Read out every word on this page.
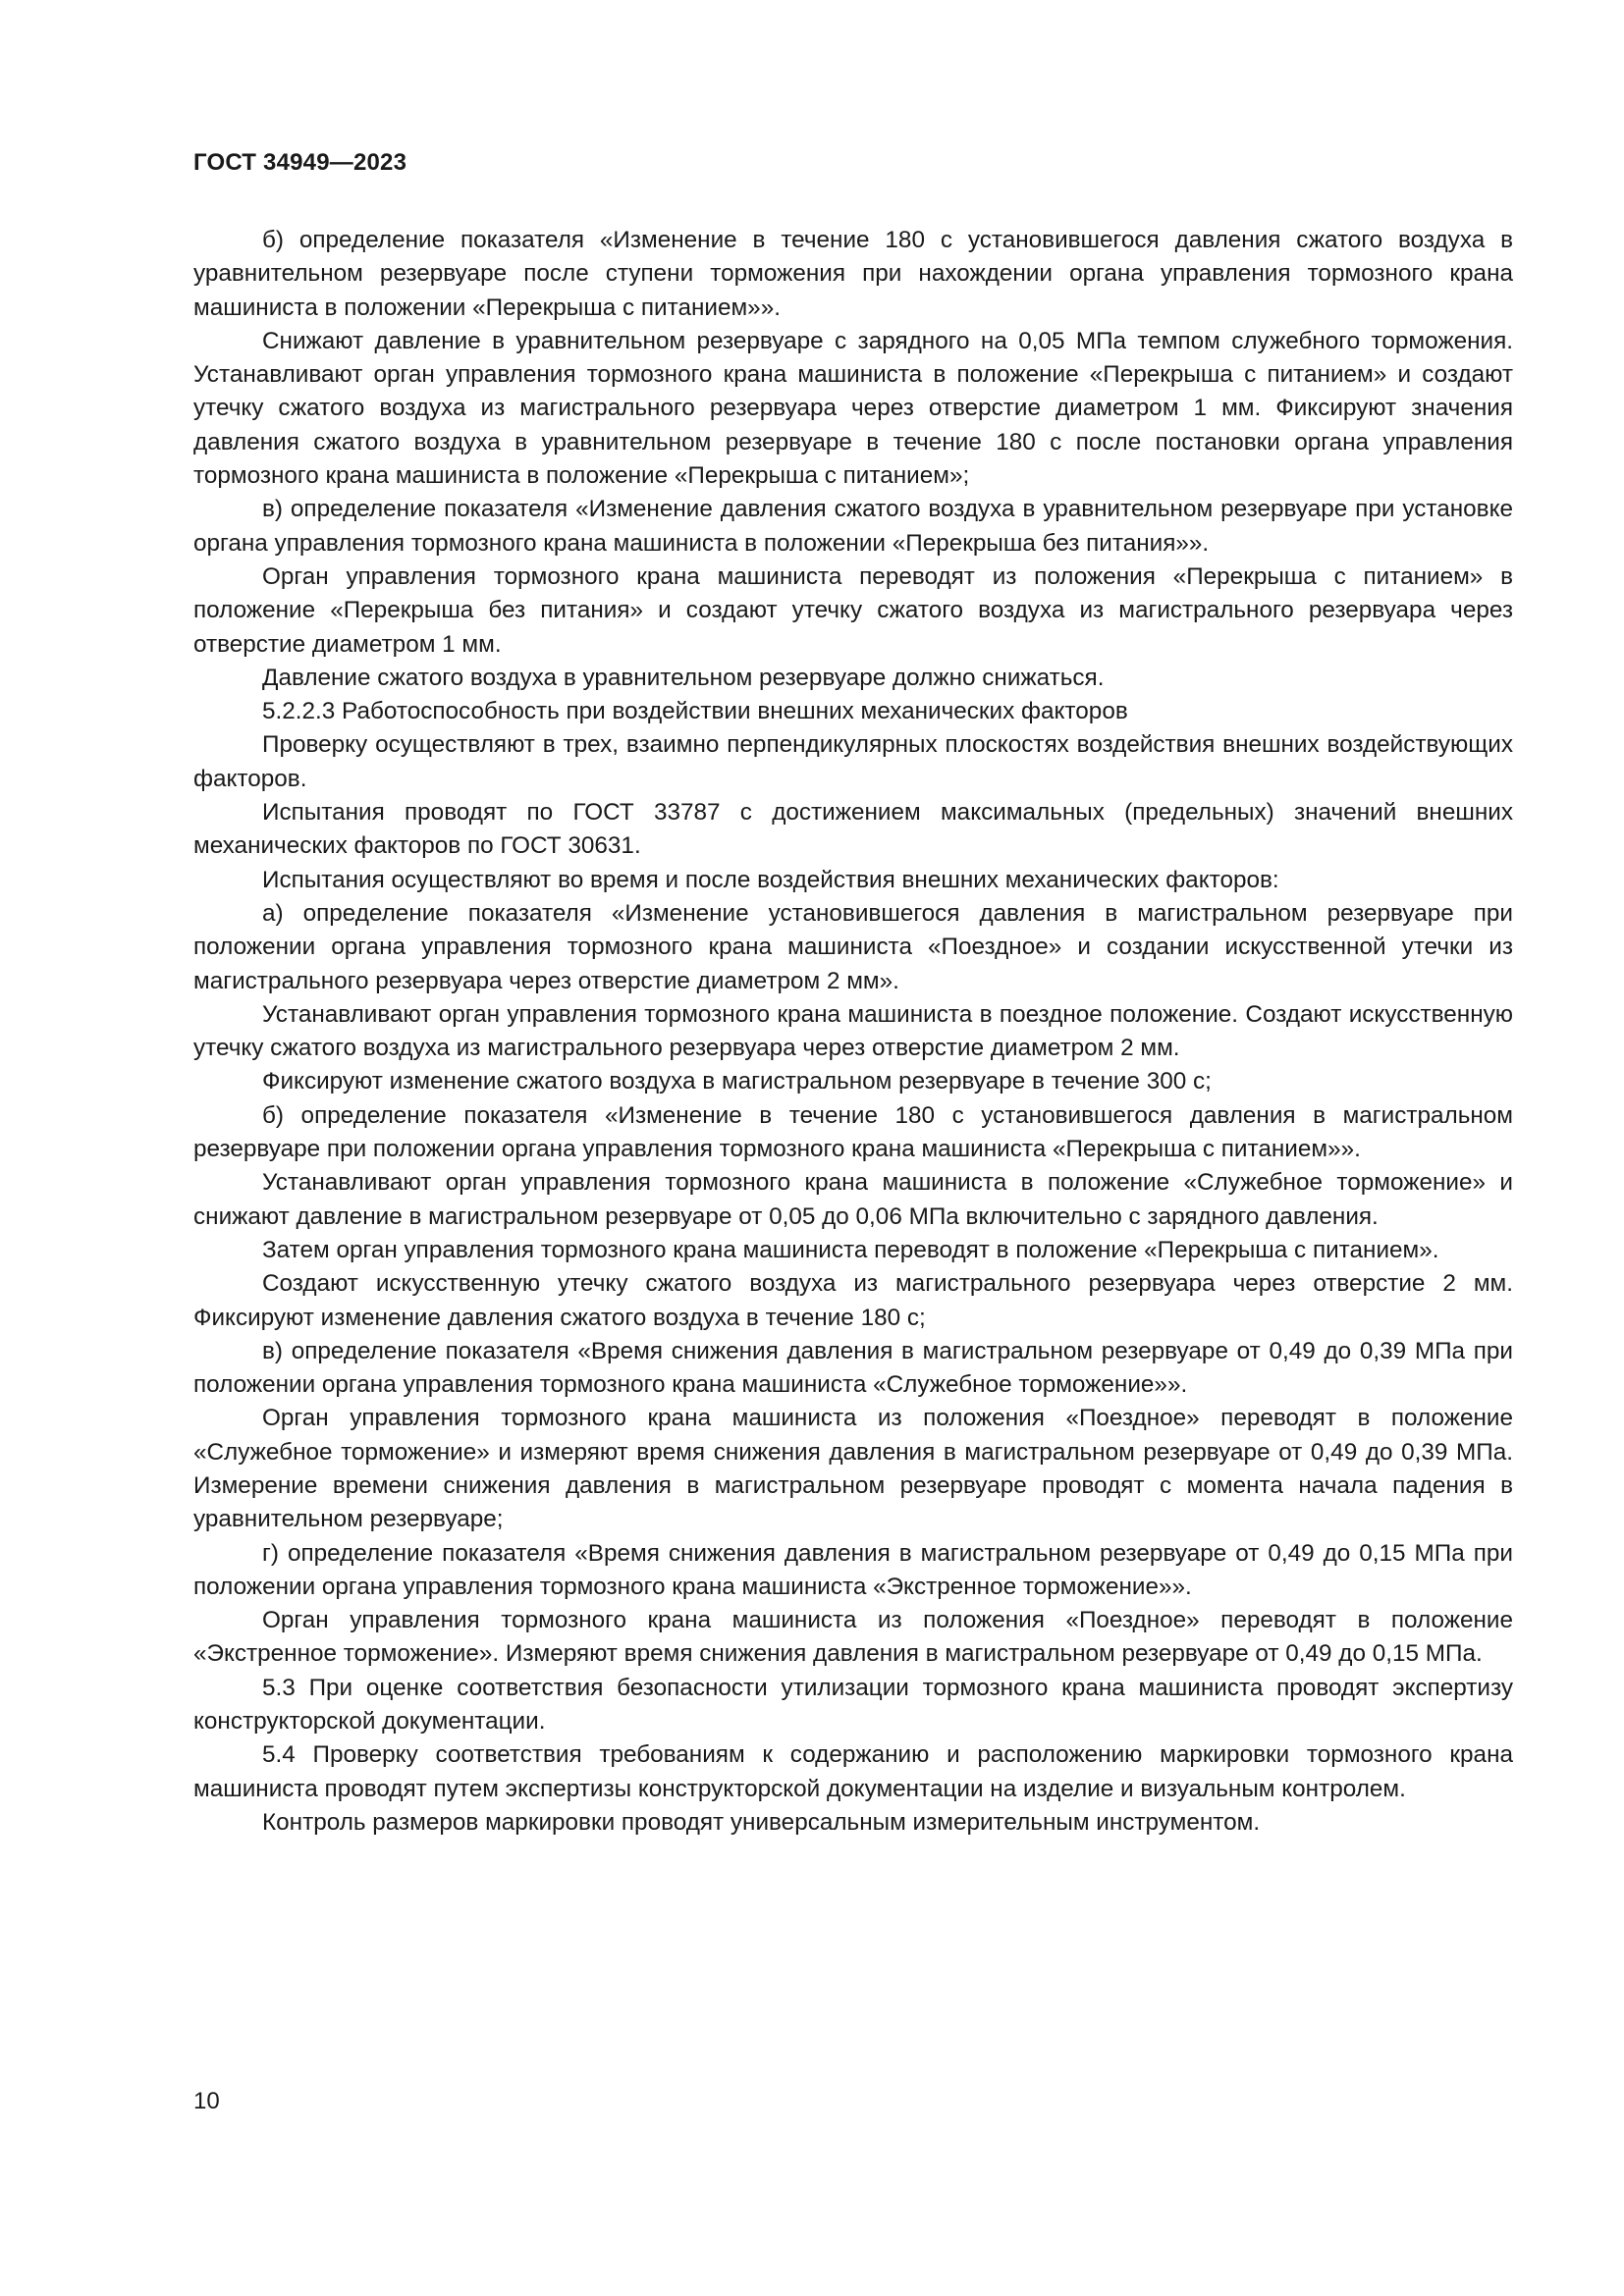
ГОСТ 34949—2023

б) определение показателя «Изменение в течение 180 с установившегося давления сжатого воздуха в уравнительном резервуаре после ступени торможения при нахождении органа управления тормозного крана машиниста в положении «Перекрыша с питанием»».

Снижают давление в уравнительном резервуаре с зарядного на 0,05 МПа темпом служебного торможения. Устанавливают орган управления тормозного крана машиниста в положение «Перекрыша с питанием» и создают утечку сжатого воздуха из магистрального резервуара через отверстие диаметром 1 мм. Фиксируют значения давления сжатого воздуха в уравнительном резервуаре в течение 180 с после постановки органа управления тормозного крана машиниста в положение «Перекрыша с питанием»;

в) определение показателя «Изменение давления сжатого воздуха в уравнительном резервуаре при установке органа управления тормозного крана машиниста в положении «Перекрыша без питания»».

Орган управления тормозного крана машиниста переводят из положения «Перекрыша с питанием» в положение «Перекрыша без питания» и создают утечку сжатого воздуха из магистрального резервуара через отверстие диаметром 1 мм.

Давление сжатого воздуха в уравнительном резервуаре должно снижаться.

5.2.2.3 Работоспособность при воздействии внешних механических факторов

Проверку осуществляют в трех, взаимно перпендикулярных плоскостях воздействия внешних воздействующих факторов.

Испытания проводят по ГОСТ 33787 с достижением максимальных (предельных) значений внешних механических факторов по ГОСТ 30631.

Испытания осуществляют во время и после воздействия внешних механических факторов:

а) определение показателя «Изменение установившегося давления в магистральном резервуаре при положении органа управления тормозного крана машиниста «Поездное» и создании искусственной утечки из магистрального резервуара через отверстие диаметром 2 мм».

Устанавливают орган управления тормозного крана машиниста в поездное положение. Создают искусственную утечку сжатого воздуха из магистрального резервуара через отверстие диаметром 2 мм.

Фиксируют изменение сжатого воздуха в магистральном резервуаре в течение 300 с;

б) определение показателя «Изменение в течение 180 с установившегося давления в магистральном резервуаре при положении органа управления тормозного крана машиниста «Перекрыша с питанием»».

Устанавливают орган управления тормозного крана машиниста в положение «Служебное торможение» и снижают давление в магистральном резервуаре от 0,05 до 0,06 МПа включительно с зарядного давления.

Затем орган управления тормозного крана машиниста переводят в положение «Перекрыша с питанием».

Создают искусственную утечку сжатого воздуха из магистрального резервуара через отверстие 2 мм. Фиксируют изменение давления сжатого воздуха в течение 180 с;

в) определение показателя «Время снижения давления в магистральном резервуаре от 0,49 до 0,39 МПа при положении органа управления тормозного крана машиниста «Служебное торможение»».

Орган управления тормозного крана машиниста из положения «Поездное» переводят в положение «Служебное торможение» и измеряют время снижения давления в магистральном резервуаре от 0,49 до 0,39 МПа. Измерение времени снижения давления в магистральном резервуаре проводят с момента начала падения в уравнительном резервуаре;

г) определение показателя «Время снижения давления в магистральном резервуаре от 0,49 до 0,15 МПа при положении органа управления тормозного крана машиниста «Экстренное торможение»».

Орган управления тормозного крана машиниста из положения «Поездное» переводят в положение «Экстренное торможение». Измеряют время снижения давления в магистральном резервуаре от 0,49 до 0,15 МПа.

5.3 При оценке соответствия безопасности утилизации тормозного крана машиниста проводят экспертизу конструкторской документации.

5.4 Проверку соответствия требованиям к содержанию и расположению маркировки тормозного крана машиниста проводят путем экспертизы конструкторской документации на изделие и визуальным контролем.

Контроль размеров маркировки проводят универсальным измерительным инструментом.

10
